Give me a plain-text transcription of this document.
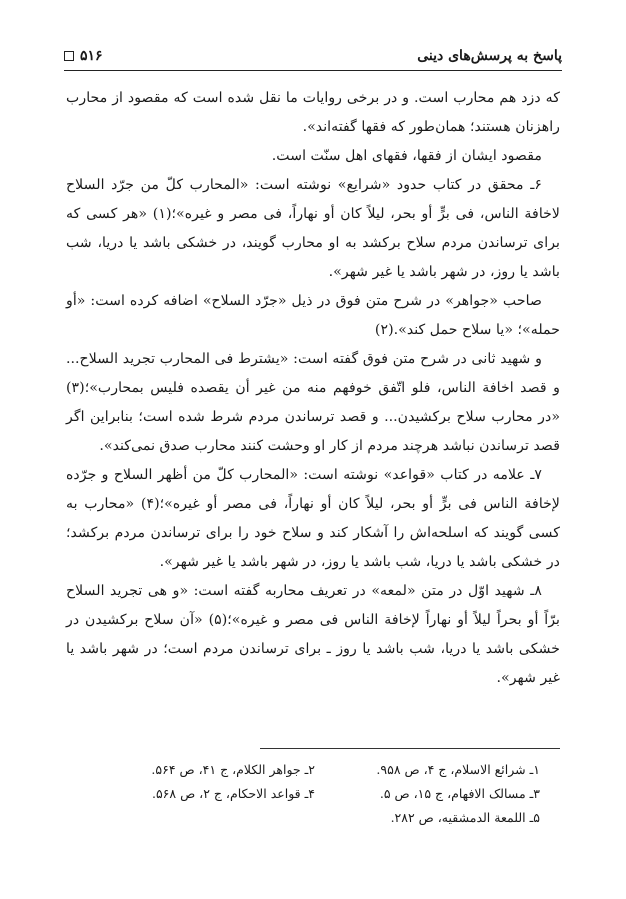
پاسخ به پرسش‌های دینی
۵۱۶

که دزد هم محارب است. و در برخی روایات ما نقل شده است که مقصود از محارب راهزنان هستند؛ همان‌طور که فقها گفته‌اند».

مقصود ایشان از فقها، فقهای اهل سنّت است.

۶ـ محقق در کتاب حدود «شرایع» نوشته است: «المحارب كلّ من جرّد السلاح لاخافة الناس، فی برٍّ أو بحر، لیلاً كان أو نهاراً، فی مصر و غیره»؛(۱) «هر کسی که برای ترساندن مردم سلاح برکشد به او محارب گویند، در خشکی باشد یا دریا، شب باشد یا روز، در شهر باشد یا غیر شهر».

صاحب «جواهر» در شرح متن فوق در ذیل «جرّد السلاح» اضافه کرده است: «أو حمله»؛ «یا سلاح حمل کند».(۲)

و شهید ثانی در شرح متن فوق گفته است: «یشترط فی المحارب تجرید السلاح... و قصد اخافة الناس، فلو اتّفق خوفهم منه من غیر أن یقصده فلیس بمحارب»؛(۳) «در محارب سلاح برکشیدن... و قصد ترساندن مردم شرط شده است؛ بنابراین اگر قصد ترساندن نباشد هرچند مردم از کار او وحشت کنند محارب صدق نمی‌کند».

۷ـ علامه در کتاب «قواعد» نوشته است: «المحارب كلّ من أظهر السلاح و جرّده لإخافة الناس فی برٍّ أو بحر، لیلاً كان أو نهاراً، فی مصر أو غیره»؛(۴) «محارب به کسی گویند که اسلحه‌اش را آشکار کند و سلاح خود را برای ترساندن مردم برکشد؛ در خشکی باشد یا دریا، شب باشد یا روز، در شهر باشد یا غیر شهر».

۸ـ شهید اوّل در متن «لمعه» در تعریف محاربه گفته است: «و هی تجرید السلاح برّاً أو بحراً لیلاً أو نهاراً لإخافة الناس فی مصر و غیره»؛(۵) «آن سلاح برکشیدن در خشکی باشد یا دریا، شب باشد یا روز ـ برای ترساندن مردم است؛ در شهر باشد یا غیر شهر».

۱ـ شرائع الاسلام، ج ۴، ص ۹۵۸.
۲ـ جواهر الکلام، ج ۴۱، ص ۵۶۴.
۳ـ مسالک الافهام، ج ۱۵، ص ۵.
۴ـ قواعد الاحکام، ج ۲، ص ۵۶۸.
۵ـ اللمعة الدمشقیه، ص ۲۸۲.
